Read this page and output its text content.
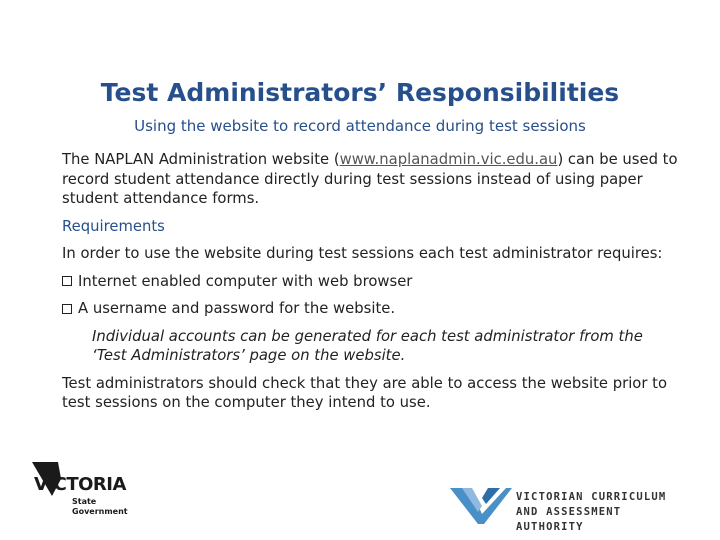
Test Administrators’ Responsibilities
Using the website to record attendance during test sessions

The NAPLAN Administration website (www.naplanadmin.vic.edu.au) can be used to record student attendance directly during test sessions instead of using paper student attendance forms.

Requirements

In order to use the website during test sessions each test administrator requires:

Internet enabled computer with web browser

A username and password for the website.

Individual accounts can be generated for each test administrator from the ‘Test Administrators’ page on the website.

Test administrators should check that they are able to access the website prior to test sessions on the computer they intend to use.

VICTORIA
State
Government
VICTORIAN CURRICULUM
AND ASSESSMENT AUTHORITY
